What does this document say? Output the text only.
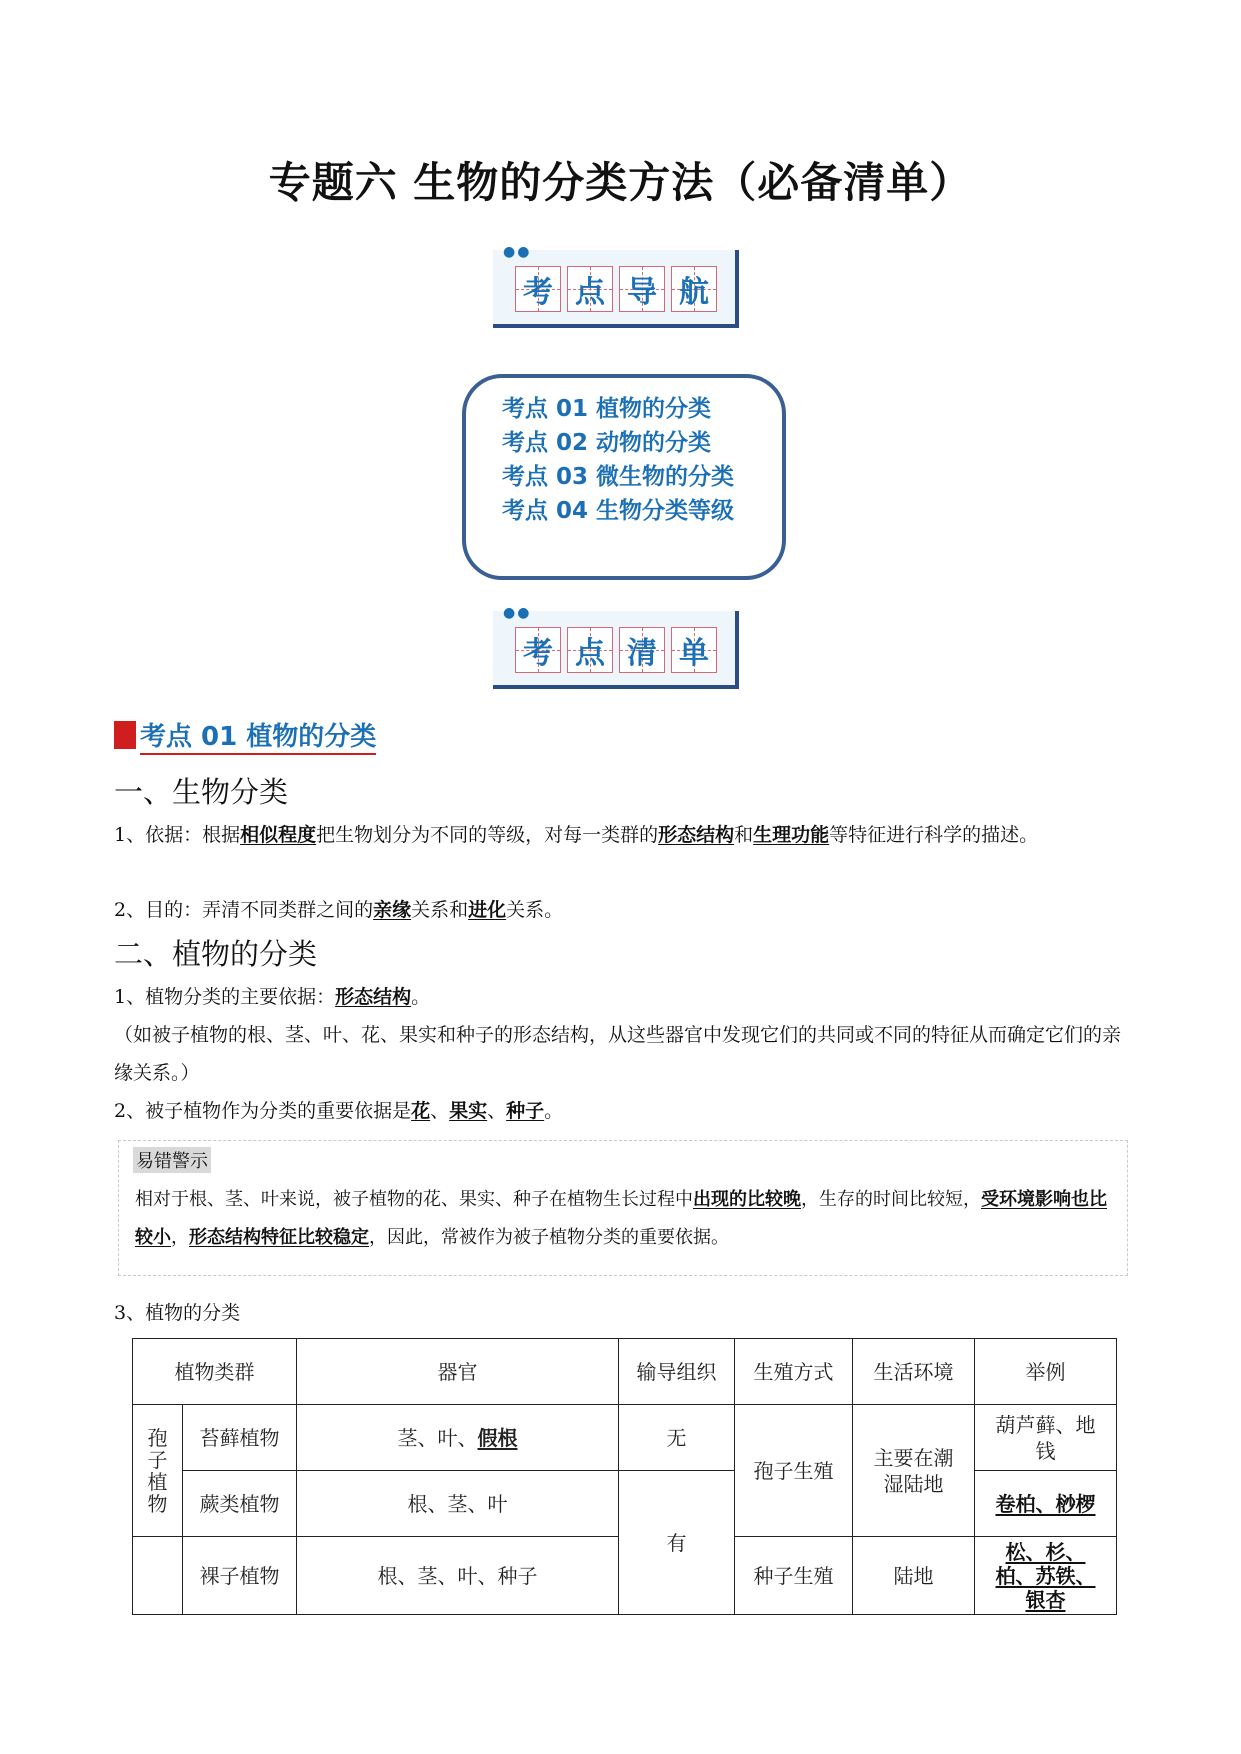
专题六 生物的分类方法（必备清单）
●●
考 点 导 航
考点 01 植物的分类
考点 02 动物的分类
考点 03 微生物的分类
考点 04 生物分类等级
●●
考 点 清 单
考点 01 植物的分类
一、生物分类
1、依据：根据相似程度把生物划分为不同的等级，对每一类群的形态结构和生理功能等特征进行科学的描述。
2、目的：弄清不同类群之间的亲缘关系和进化关系。
二、植物的分类
1、植物分类的主要依据：形态结构。
（如被子植物的根、茎、叶、花、果实和种子的形态结构，从这些器官中发现它们的共同或不同的特征从而确定它们的亲缘关系。）
2、被子植物作为分类的重要依据是花、果实、种子。
易错警示
相对于根、茎、叶来说，被子植物的花、果实、种子在植物生长过程中出现的比较晚，生存的时间比较短，受环境影响也比较小，形态结构特征比较稳定，因此，常被作为被子植物分类的重要依据。
3、植物的分类
植物类群		器官	输导组织	生殖方式	生活环境	举例

孢子植物	苔藓植物	茎、叶、假根	无	孢子生殖	主要在潮湿陆地	葫芦藓、地钱

	蕨类植物	根、茎、叶	有			卷柏、桫椤
	裸子植物	根、茎、叶、种子		种子生殖	陆地	松、杉、柏、苏铁、银杏
